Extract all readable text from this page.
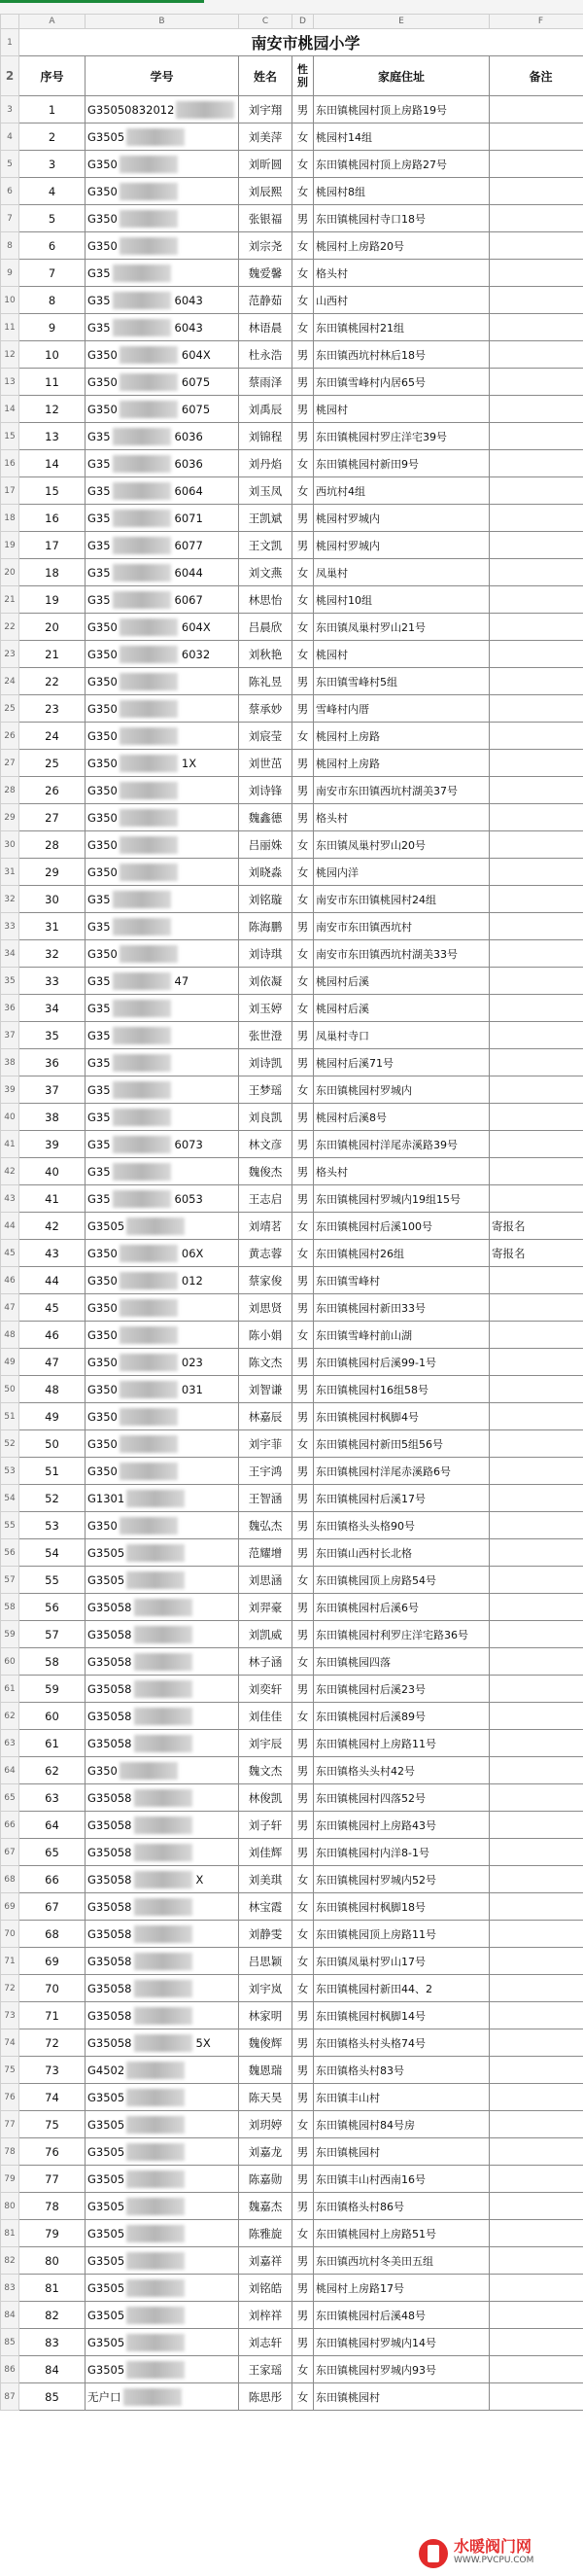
	A	B	C	D	E	F
1	南安市桃园小学					
2	序号	学号	姓名	性别	家庭住址	备注
3	1	G35050832012	刘宇翔	男	东田镇桃园村顶上房路19号	
4	2	G3505	刘美萍	女	桃园村14组	
5	3	G350	刘昕圆	女	东田镇桃园村顶上房路27号	
6	4	G350	刘辰熙	女	桃园村8组	
7	5	G350	张银福	男	东田镇桃园村寺口18号	
8	6	G350	刘宗尧	女	桃园村上房路20号	
9	7	G35	魏爱馨	女	格头村	
10	8	G35 6043	范静茹	女	山西村	
11	9	G35 6043	林语晨	女	东田镇桃园村21组	
12	10	G350 604X	杜永浩	男	东田镇西坑村林后18号	
13	11	G350 6075	蔡雨泽	男	东田镇雪峰村内居65号	
14	12	G350 6075	刘禹辰	男	桃园村	
15	13	G35 6036	刘锦程	男	东田镇桃园村罗庄洋宅39号	
16	14	G35 6036	刘丹焰	女	东田镇桃园村新田9号	
17	15	G35 6064	刘玉凤	女	西坑村4组	
18	16	G35 6071	王凯斌	男	桃园村罗城内	
19	17	G35 6077	王文凯	男	桃园村罗城内	
20	18	G35 6044	刘文燕	女	凤巢村	
21	19	G35 6067	林思怡	女	桃园村10组	
22	20	G350 604X	吕晨欣	女	东田镇凤巢村罗山21号	
23	21	G350 6032	刘秋艳	女	桃园村	
24	22	G350	陈礼昱	男	东田镇雪峰村5组	
25	23	G350	蔡承妙	男	雪峰村内厝	
26	24	G350	刘宸莹	女	桃园村上房路	
27	25	G350 1X	刘世茁	男	桃园村上房路	
28	26	G350	刘诗锋	男	南安市东田镇西坑村湖美37号	
29	27	G350	魏鑫德	男	格头村	
30	28	G350	吕丽姝	女	东田镇凤巢村罗山20号	
31	29	G350	刘晓淼	女	桃园内洋	
32	30	G35	刘铭璇	女	南安市东田镇桃园村24组	
33	31	G35	陈海鹏	男	南安市东田镇西坑村	
34	32	G350	刘诗琪	女	南安市东田镇西坑村湖美33号	
35	33	G35 47	刘依凝	女	桃园村后溪	
36	34	G35	刘玉婷	女	桃园村后溪	
37	35	G35	张世澄	男	凤巢村寺口	
38	36	G35	刘诗凯	男	桃园村后溪71号	
39	37	G35	王梦瑶	女	东田镇桃园村罗城内	
40	38	G35	刘良凯	男	桃园村后溪8号	
41	39	G35 6073	林文彦	男	东田镇桃园村洋尾赤溪路39号	
42	40	G35	魏俊杰	男	格头村	
43	41	G35 6053	王志启	男	东田镇桃园村罗城内19组15号	
44	42	G3505	刘靖茗	女	东田镇桃园村后溪100号	寄报名
45	43	G350 06X	黄志蓉	女	东田镇桃园村26组	寄报名
46	44	G350 012	蔡家俊	男	东田镇雪峰村	
47	45	G350	刘思贤	男	东田镇桃园村新田33号	
48	46	G350	陈小娟	女	东田镇雪峰村前山湖	
49	47	G350 023	陈文杰	男	东田镇桃园村后溪99-1号	
50	48	G350 031	刘智谦	男	东田镇桃园村16组58号	
51	49	G350	林嘉辰	男	东田镇桃园村枫脚4号	
52	50	G350	刘宇菲	女	东田镇桃园村新田5组56号	
53	51	G350	王宇鸿	男	东田镇桃园村洋尾赤溪路6号	
54	52	G1301	王智涵	男	东田镇桃园村后溪17号	
55	53	G350	魏弘杰	男	东田镇格头头格90号	
56	54	G3505	范耀增	男	东田镇山西村长北格	
57	55	G3505	刘思涵	女	东田镇桃园顶上房路54号	
58	56	G35058	刘羿豪	男	东田镇桃园村后溪6号	
59	57	G35058	刘凯威	男	东田镇桃园村利罗庄洋宅路36号	
60	58	G35058	林子涵	女	东田镇桃园四落	
61	59	G35058	刘奕轩	男	东田镇桃园村后溪23号	
62	60	G35058	刘佳佳	女	东田镇桃园村后溪89号	
63	61	G35058	刘宇辰	男	东田镇桃园村上房路11号	
64	62	G350	魏文杰	男	东田镇格头头村42号	
65	63	G35058	林俊凯	男	东田镇桃园村四落52号	
66	64	G35058	刘子轩	男	东田镇桃园村上房路43号	
67	65	G35058	刘佳辉	男	东田镇桃园村内洋8-1号	
68	66	G35058 X	刘美琪	女	东田镇桃园村罗城内52号	
69	67	G35058	林宝霞	女	东田镇桃园村枫脚18号	
70	68	G35058	刘静雯	女	东田镇桃园顶上房路11号	
71	69	G35058	吕思颖	女	东田镇凤巢村罗山17号	
72	70	G35058	刘宇岚	女	东田镇桃园村新田44、2	
73	71	G35058	林家明	男	东田镇桃园村枫脚14号	
74	72	G35058 5X	魏俊辉	男	东田镇格头村头格74号	
75	73	G4502	魏恩瑞	男	东田镇格头村83号	
76	74	G3505	陈天昊	男	东田镇丰山村	
77	75	G3505	刘玥婷	女	东田镇桃园村84号房	
78	76	G3505	刘嘉龙	男	东田镇桃园村	
79	77	G3505	陈嘉勋	男	东田镇丰山村西南16号	
80	78	G3505	魏嘉杰	男	东田镇格头村86号	
81	79	G3505	陈雅旋	女	东田镇桃园村上房路51号	
82	80	G3505	刘嘉祥	男	东田镇西坑村冬美田五组	
83	81	G3505	刘铭皓	男	桃园村上房路17号	
84	82	G3505	刘梓祥	男	东田镇桃园村后溪48号	
85	83	G3505	刘志轩	男	东田镇桃园村罗城内14号	
86	84	G3505	王家瑶	女	东田镇桃园村罗城内93号	
87	85	无户口	陈思彤	女	东田镇桃园村	
水暖阀门网
WWW.PVCPU.COM
